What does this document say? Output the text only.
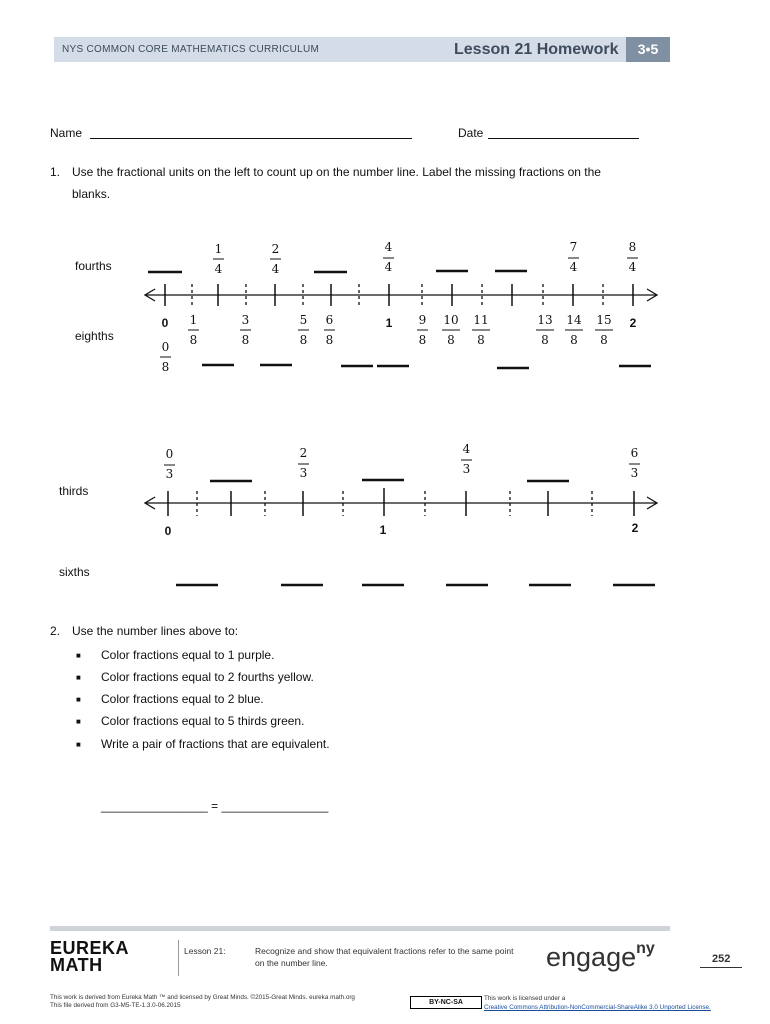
NYS COMMON CORE MATHEMATICS CURRICULUM	Lesson 21 Homework	3•5
Name	Date
1. Use the fractional units on the left to count up on the number line. Label the missing fractions on the
blanks.
fourths
eighths
1
4
2
4
4
4
7
4
8
4
0
8
1
8
3
8
5
8
6
8
9
8
10
8
11
8
13
8
14
8
15
8
0	1	2
thirds
sixths
0
3
2
3
4
3
6
3
0	1	2
2. Use the number lines above to:
■ Color fractions equal to 1 purple.
■ Color fractions equal to 2 fourths yellow.
■ Color fractions equal to 2 blue.
■ Color fractions equal to 5 thirds green.
■ Write a pair of fractions that are equivalent.
________________ = ________________
EUREKA
MATH
Lesson 21:	Recognize and show that equivalent fractions refer to the same point
on the number line.	engage$^{ny}$
252
This work is derived from Eureka Math ™ and licensed by Great Minds. ©2015-Great Minds. eureka math.org
This file derived from G3-M5-TE-1.3.0-06.2015	BY-NC-SA
This work is licensed under a
Creative Commons Attribution-NonCommercial-ShareAlike 3.0 Unported License.
